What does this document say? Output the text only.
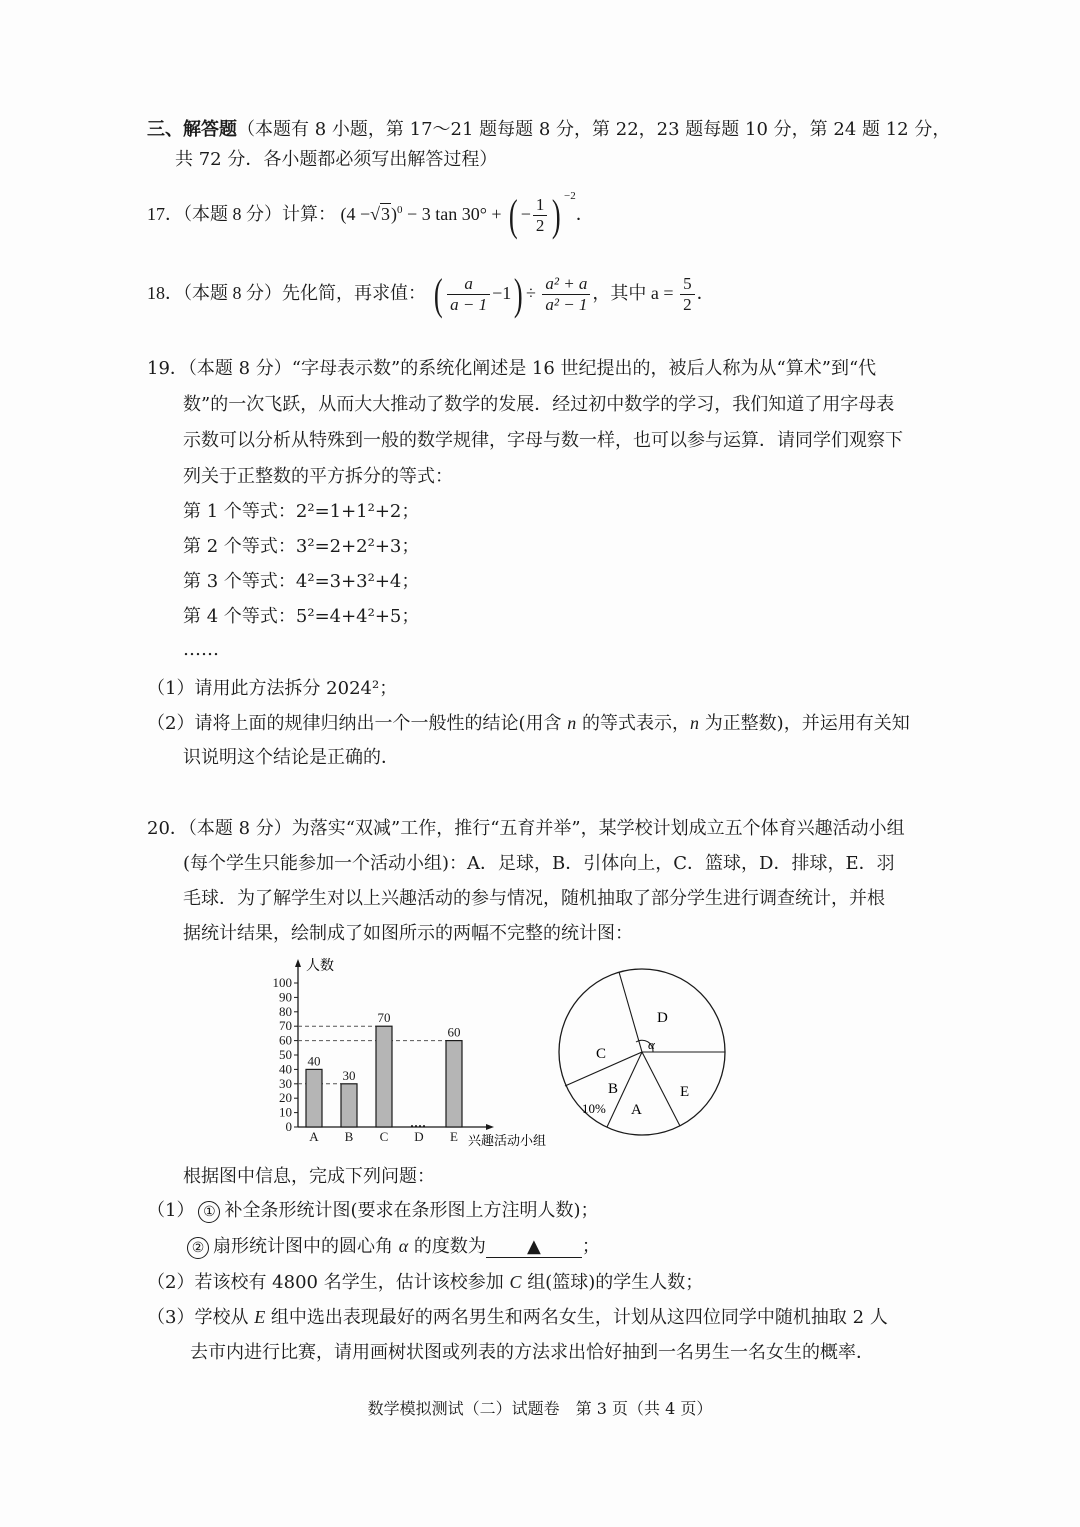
三、解答题（本题有 8 小题，第 17～21 题每题 8 分，第 22，23 题每题 10 分，第 24 题 12 分，
共 72 分．各小题都必须写出解答过程）
17．（本题 8 分）计算： $(4 -√3)^0 - 3$ tan 30° + ( − $\frac{1}{2}$ ) $^{-2}$．
18．（本题 8 分）先化简，再求值： ( $\frac{a}{a - 1} -1) \div \frac{\text{a² + a}}{\text{a² − 1}}$ ，其中 $a = \frac{5}{2}$ ．
19．（本题 8 分）“字母表示数”的系统化阐述是 16 世纪提出的，被后人称为从“算术”到“代
数”的一次飞跃，从而大大推动了数学的发展．经过初中数学的学习，我们知道了用字母表
示数可以分析从特殊到一般的数学规律，字母与数一样，也可以参与运算．请同学们观察下
列关于正整数的平方拆分的等式：
第 1 个等式：2²=1+1²+2；
第 2 个等式：3²=2+2²+3；
第 3 个等式：4²=3+3²+4；
第 4 个等式：5²=4+4²+5；
……
（1）请用此方法拆分 2024²；
（2）请将上面的规律归纳出一个一般性的结论(用含 n 的等式表示，n 为正整数)，并运用有关知
识说明这个结论是正确的．
20．（本题 8 分）为落实“双减”工作，推行“五育并举”，某学校计划成立五个体育兴趣活动小组
(每个学生只能参加一个活动小组)：A．足球，B．引体向上，C．篮球，D．排球，E．羽
毛球．为了解学生对以上兴趣活动的参与情况，随机抽取了部分学生进行调查统计，并根
据统计结果，绘制成了如图所示的两幅不完整的统计图：
人数
兴趣活动小组
0
10
20
30
40
50
60
70
80
90
100
40
30
70
60
A B C D E
D
C
B
A
E
10%
α
根据图中信息，完成下列问题：
（1） ① 补全条形统计图(要求在条形图上方注明人数)；
② 扇形统计图中的圆心角 α 的度数为 ▲ ；
（2）若该校有 4800 名学生，估计该校参加 C 组(篮球)的学生人数；
（3）学校从 E 组中选出表现最好的两名男生和两名女生，计划从这四位同学中随机抽取 2 人
去市内进行比赛，请用画树状图或列表的方法求出恰好抽到一名男生一名女生的概率．
数学模拟测试（二）试题卷　第 3 页（共 4 页）
